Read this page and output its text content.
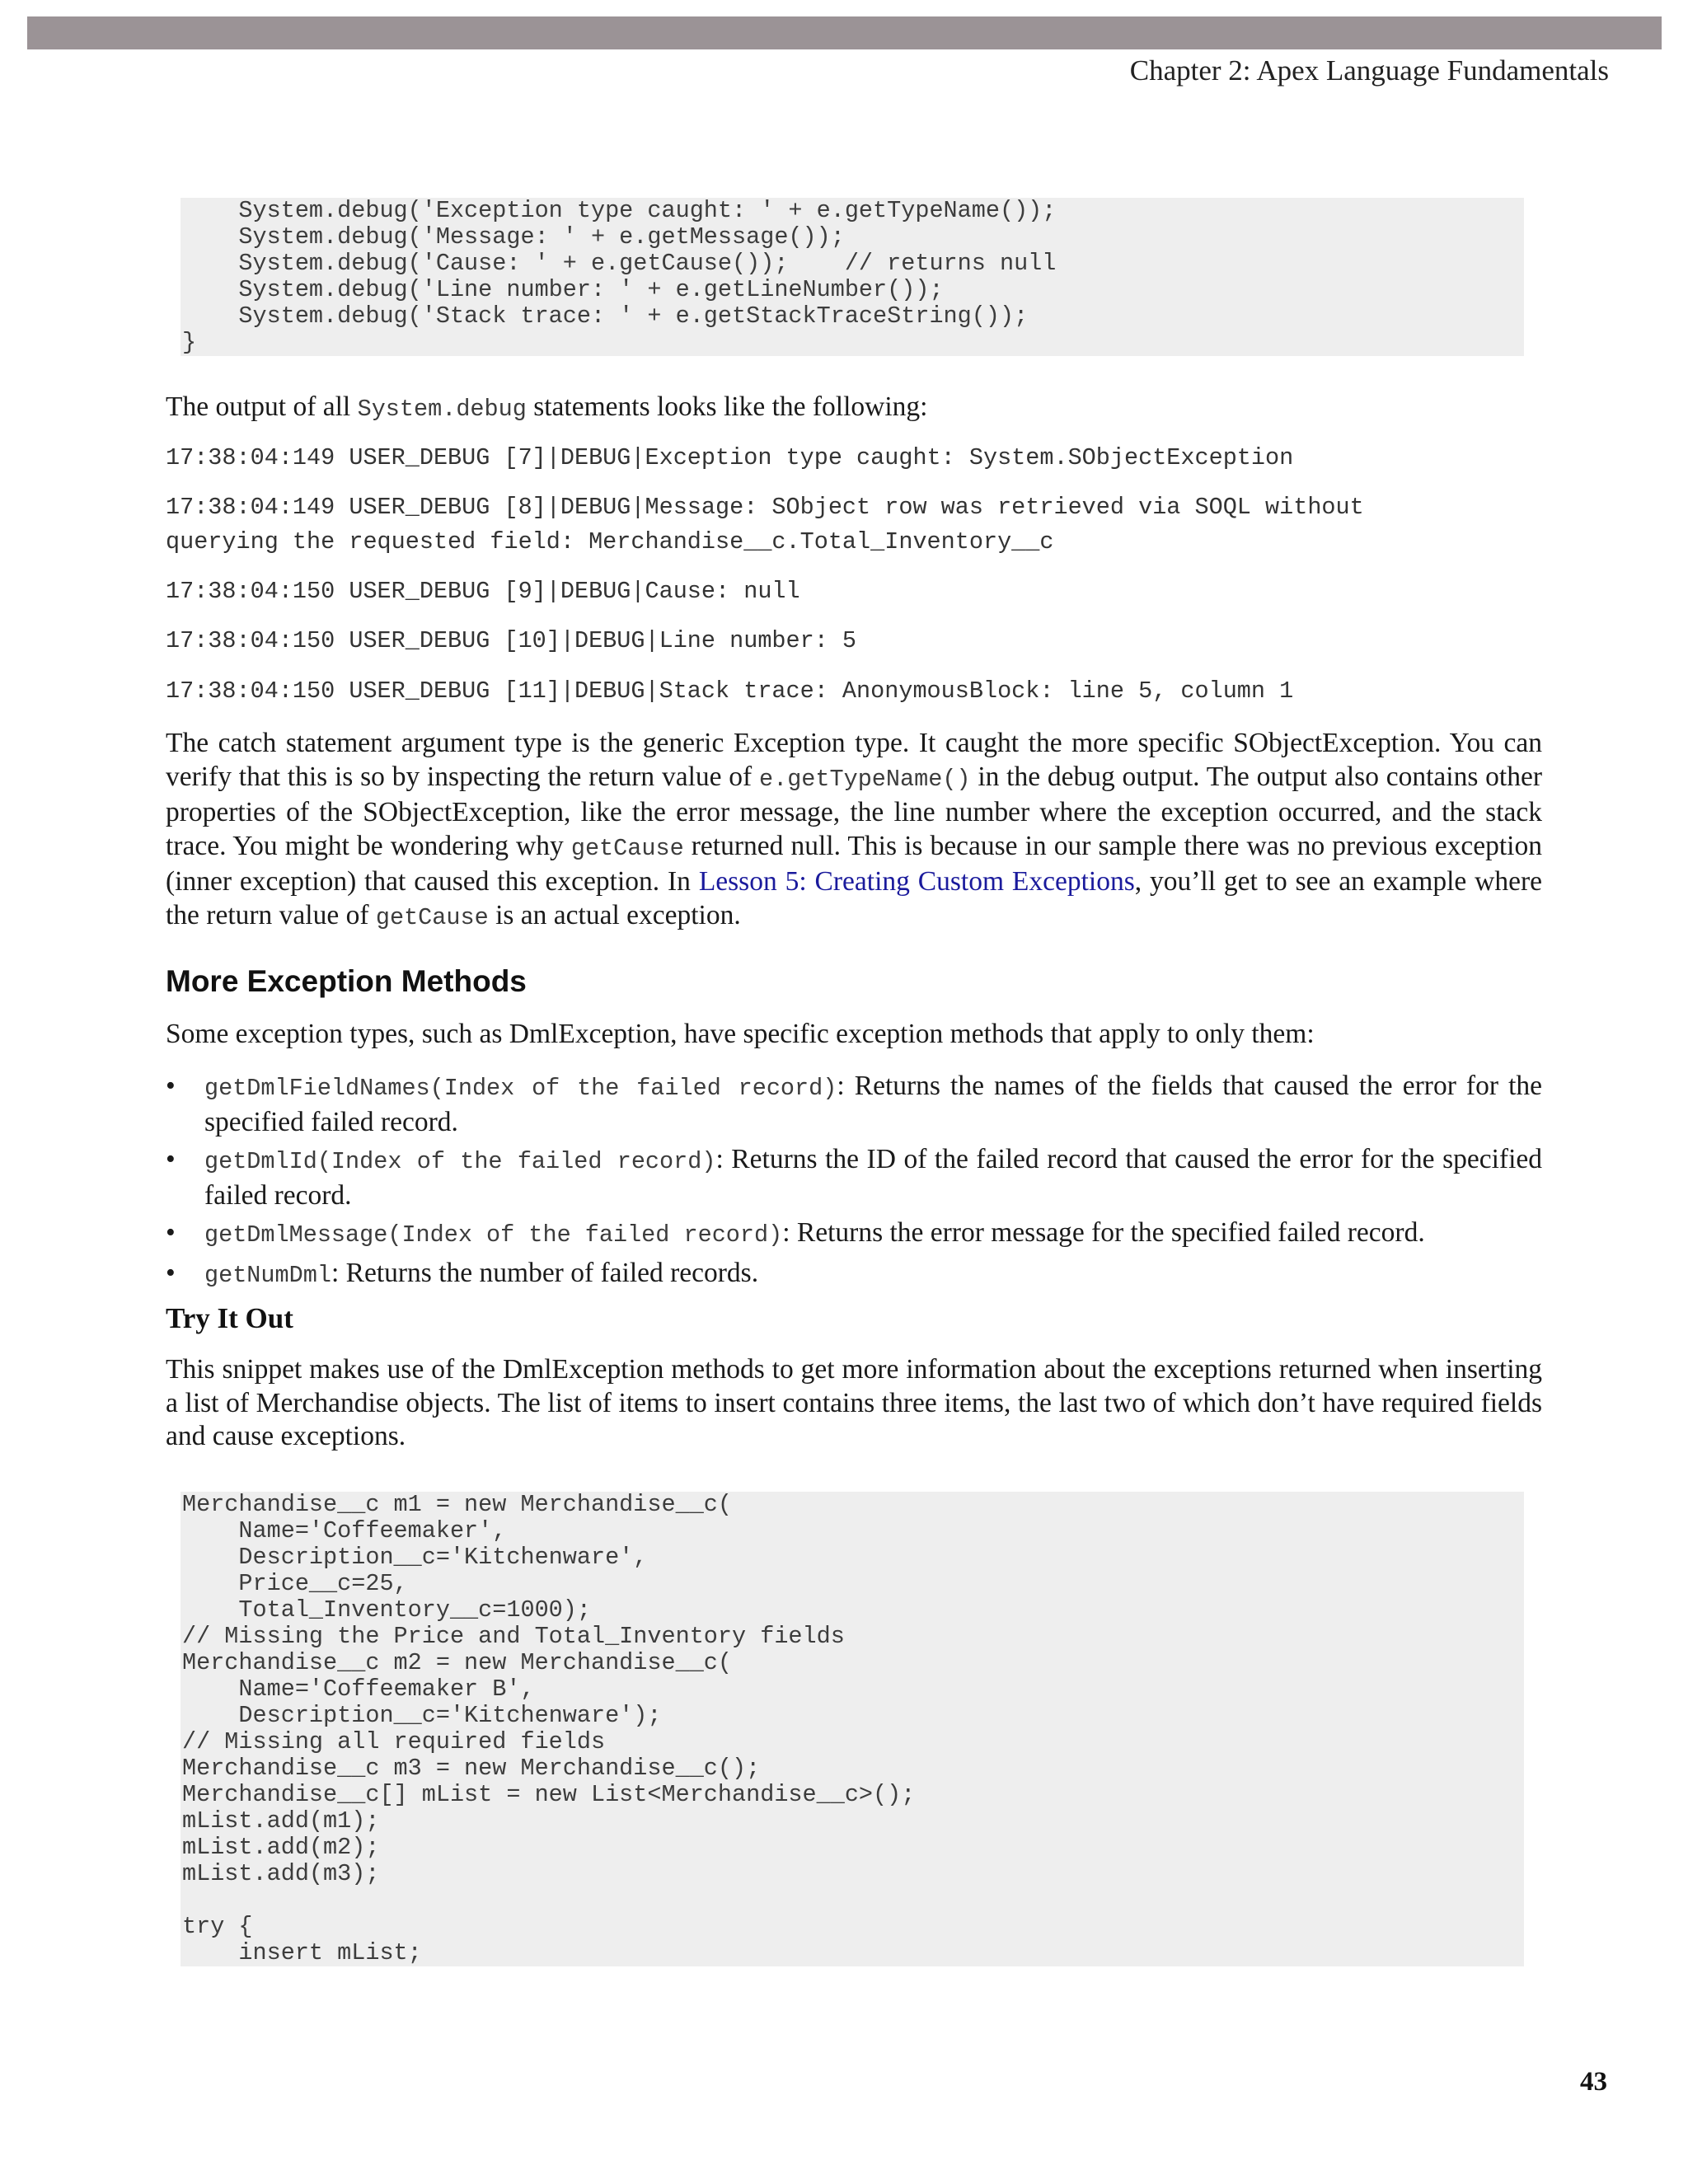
Chapter 2: Apex Language Fundamentals
System.debug('Exception type caught: ' + e.getTypeName());
System.debug('Message: ' + e.getMessage());
System.debug('Cause: ' + e.getCause());    // returns null
System.debug('Line number: ' + e.getLineNumber());
System.debug('Stack trace: ' + e.getStackTraceString());
}
The output of all System.debug statements looks like the following:
17:38:04:149 USER_DEBUG [7]|DEBUG|Exception type caught: System.SObjectException
17:38:04:149 USER_DEBUG [8]|DEBUG|Message: SObject row was retrieved via SOQL without
querying the requested field: Merchandise__c.Total_Inventory__c
17:38:04:150 USER_DEBUG [9]|DEBUG|Cause: null
17:38:04:150 USER_DEBUG [10]|DEBUG|Line number: 5
17:38:04:150 USER_DEBUG [11]|DEBUG|Stack trace: AnonymousBlock: line 5, column 1
The catch statement argument type is the generic Exception type. It caught the more specific SObjectException. You can verify that this is so by inspecting the return value of e.getTypeName() in the debug output. The output also contains other properties of the SObjectException, like the error message, the line number where the exception occurred, and the stack trace. You might be wondering why getCause returned null. This is because in our sample there was no previous exception (inner exception) that caused this exception. In Lesson 5: Creating Custom Exceptions, you’ll get to see an example where the return value of getCause is an actual exception.
More Exception Methods
Some exception types, such as DmlException, have specific exception methods that apply to only them:
• getDmlFieldNames(Index of the failed record): Returns the names of the fields that caused the error for the specified failed record.
• getDmlId(Index of the failed record): Returns the ID of the failed record that caused the error for the specified failed record.
• getDmlMessage(Index of the failed record): Returns the error message for the specified failed record.
• getNumDml: Returns the number of failed records.
Try It Out
This snippet makes use of the DmlException methods to get more information about the exceptions returned when inserting a list of Merchandise objects. The list of items to insert contains three items, the last two of which don’t have required fields and cause exceptions.
Merchandise__c m1 = new Merchandise__c(
Name='Coffeemaker',
Description__c='Kitchenware',
Price__c=25,
Total_Inventory__c=1000);
// Missing the Price and Total_Inventory fields
Merchandise__c m2 = new Merchandise__c(
Name='Coffeemaker B',
Description__c='Kitchenware');
// Missing all required fields
Merchandise__c m3 = new Merchandise__c();
Merchandise__c[] mList = new List<Merchandise__c>();
mList.add(m1);
mList.add(m2);
mList.add(m3);
try {
insert mList;
43
